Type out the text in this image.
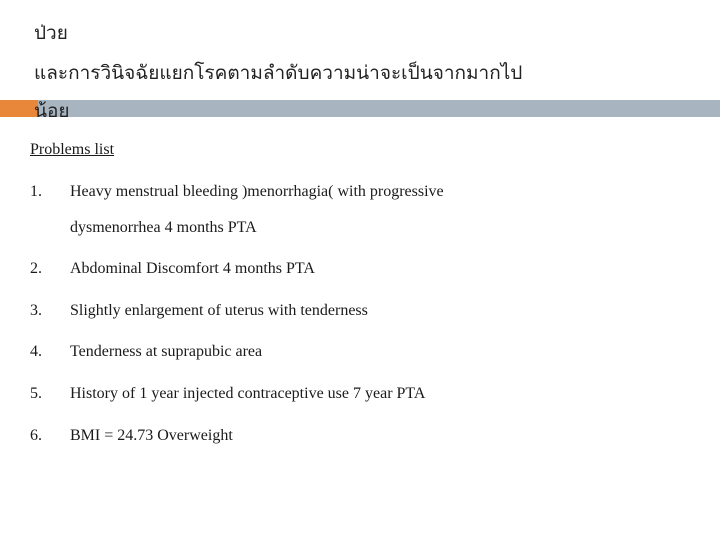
ป่วย
และการวินิจฉัยแยกโรคตามลำดับความน่าจะเป็นจากมากไป
น้อย
Problems list
1. Heavy menstrual bleeding )menorrhagia( with progressive
dysmenorrhea 4 months PTA
2. Abdominal Discomfort 4 months PTA
3. Slightly enlargement of uterus with tenderness
4. Tenderness at suprapubic area
5. History of 1 year injected contraceptive use 7 year PTA
6. BMI = 24.73 Overweight
